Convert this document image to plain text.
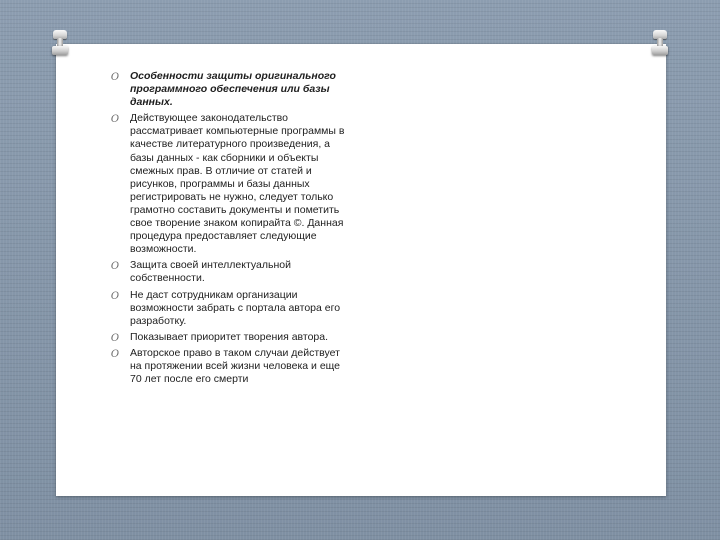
O Особенности защиты оригинального программного обеспечения или базы данных.
O Действующее законодательство рассматривает компьютерные программы в качестве литературного произведения, а базы данных - как сборники и объекты смежных прав. В отличие от статей и рисунков, программы и базы данных регистрировать не нужно, следует только грамотно составить документы и пометить свое творение знаком копирайта ©. Данная процедура предоставляет следующие возможности.
O Защита своей интеллектуальной собственности.
O Не даст сотрудникам организации возможности забрать с портала автора его разработку.
O Показывает приоритет творения автора.
O Авторское право в таком случаи действует на протяжении всей жизни человека и еще 70 лет после его смерти
